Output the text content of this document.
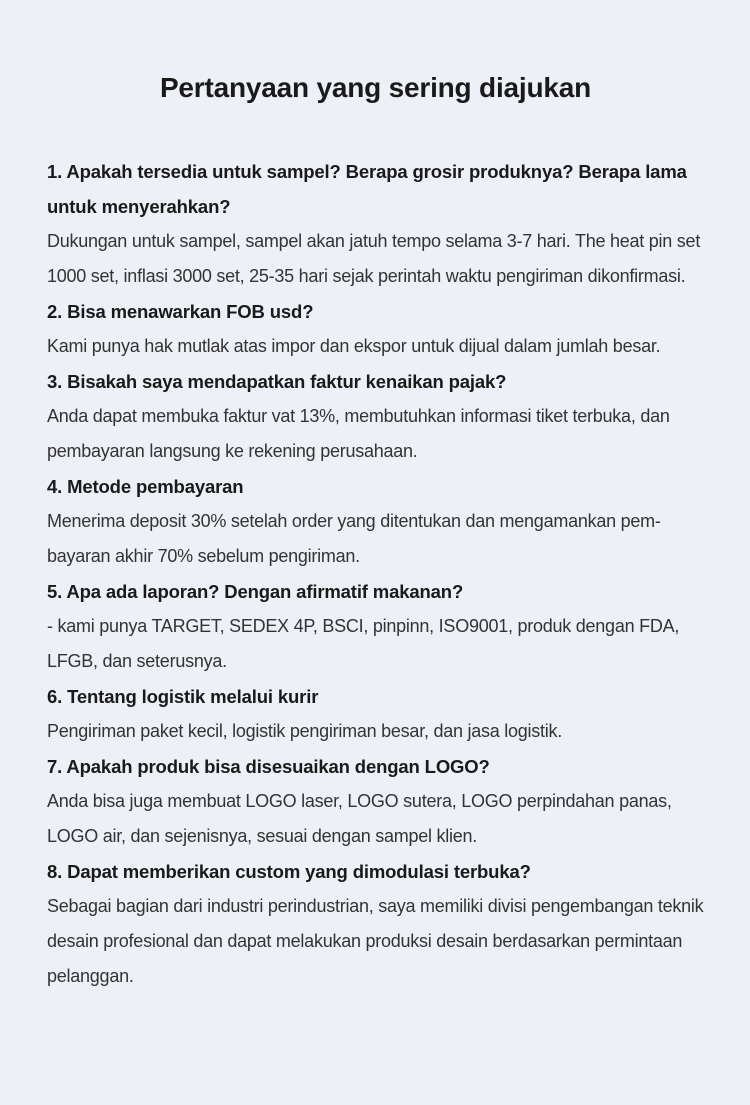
Pertanyaan yang sering diajukan

1. Apakah tersedia untuk sampel? Berapa grosir produknya? Berapa lama untuk menyerahkan?

Dukungan untuk sampel, sampel akan jatuh tempo selama 3-7 hari. The heat pin set 1000 set, inflasi 3000 set, 25-35 hari sejak perintah waktu pengiriman dikonfirmasi.

2. Bisa menawarkan FOB usd?

Kami punya hak mutlak atas impor dan ekspor untuk dijual dalam jumlah besar.

3. Bisakah saya mendapatkan faktur kenaikan pajak?

Anda dapat membuka faktur vat 13%, membutuhkan informasi tiket terbuka, dan pembayaran langsung ke rekening perusahaan.

4. Metode pembayaran

Menerima deposit 30% setelah order yang ditentukan dan mengamankan pem-bayaran akhir 70% sebelum pengiriman.

5. Apa ada laporan? Dengan afirmatif makanan?

- kami punya TARGET, SEDEX 4P, BSCI, pinpinn, ISO9001, produk dengan FDA, LFGB, dan seterusnya.

6. Tentang logistik melalui kurir

Pengiriman paket kecil, logistik pengiriman besar, dan jasa logistik.

7. Apakah produk bisa disesuaikan dengan LOGO?

Anda bisa juga membuat LOGO laser, LOGO sutera, LOGO perpindahan panas, LOGO air, dan sejenisnya, sesuai dengan sampel klien.

8. Dapat memberikan custom yang dimodulasi terbuka?

Sebagai bagian dari industri perindustrian, saya memiliki divisi pengembangan teknik desain profesional dan dapat melakukan produksi desain berdasarkan permintaan pelanggan.
